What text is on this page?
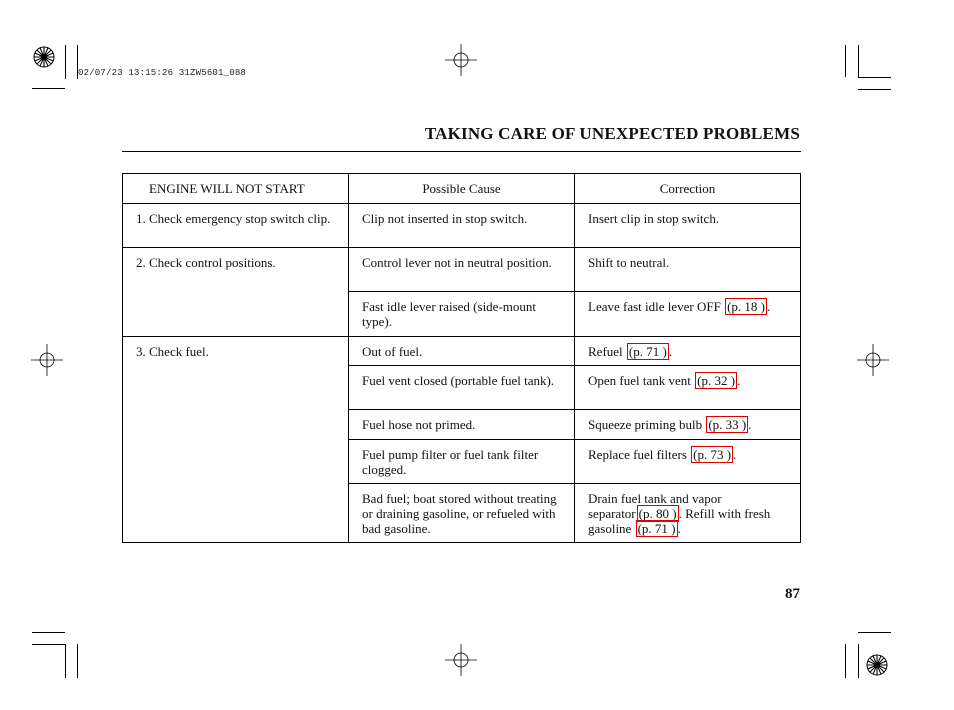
02/07/23 13:15:26 31ZW5601_088
TAKING CARE OF UNEXPECTED PROBLEMS
ENGINE WILL NOT START	Possible Cause	Correction

1. Check emergency stop switch clip.	Clip not inserted in stop switch.	Insert clip in stop switch.

2. Check control positions.	Control lever not in neutral position.	Shift to neutral.
	Fast idle lever raised (side-mount type).	Leave fast idle lever OFF (p. 18 ) .

3. Check fuel.	Out of fuel.	Refuel (p. 71 ) .
	Fuel vent closed (portable fuel tank).	Open fuel tank vent (p. 32 ) .
	Fuel hose not primed.	Squeeze priming bulb (p. 33 ) .
	Fuel pump filter or fuel tank filter clogged.	Replace fuel filters (p. 73 ) .
	Bad fuel; boat stored without treating or draining gasoline, or refueled with bad gasoline.	Drain fuel tank and vapor separator (p. 80 ) . Refill with fresh gasoline (p. 71 ) .
87
